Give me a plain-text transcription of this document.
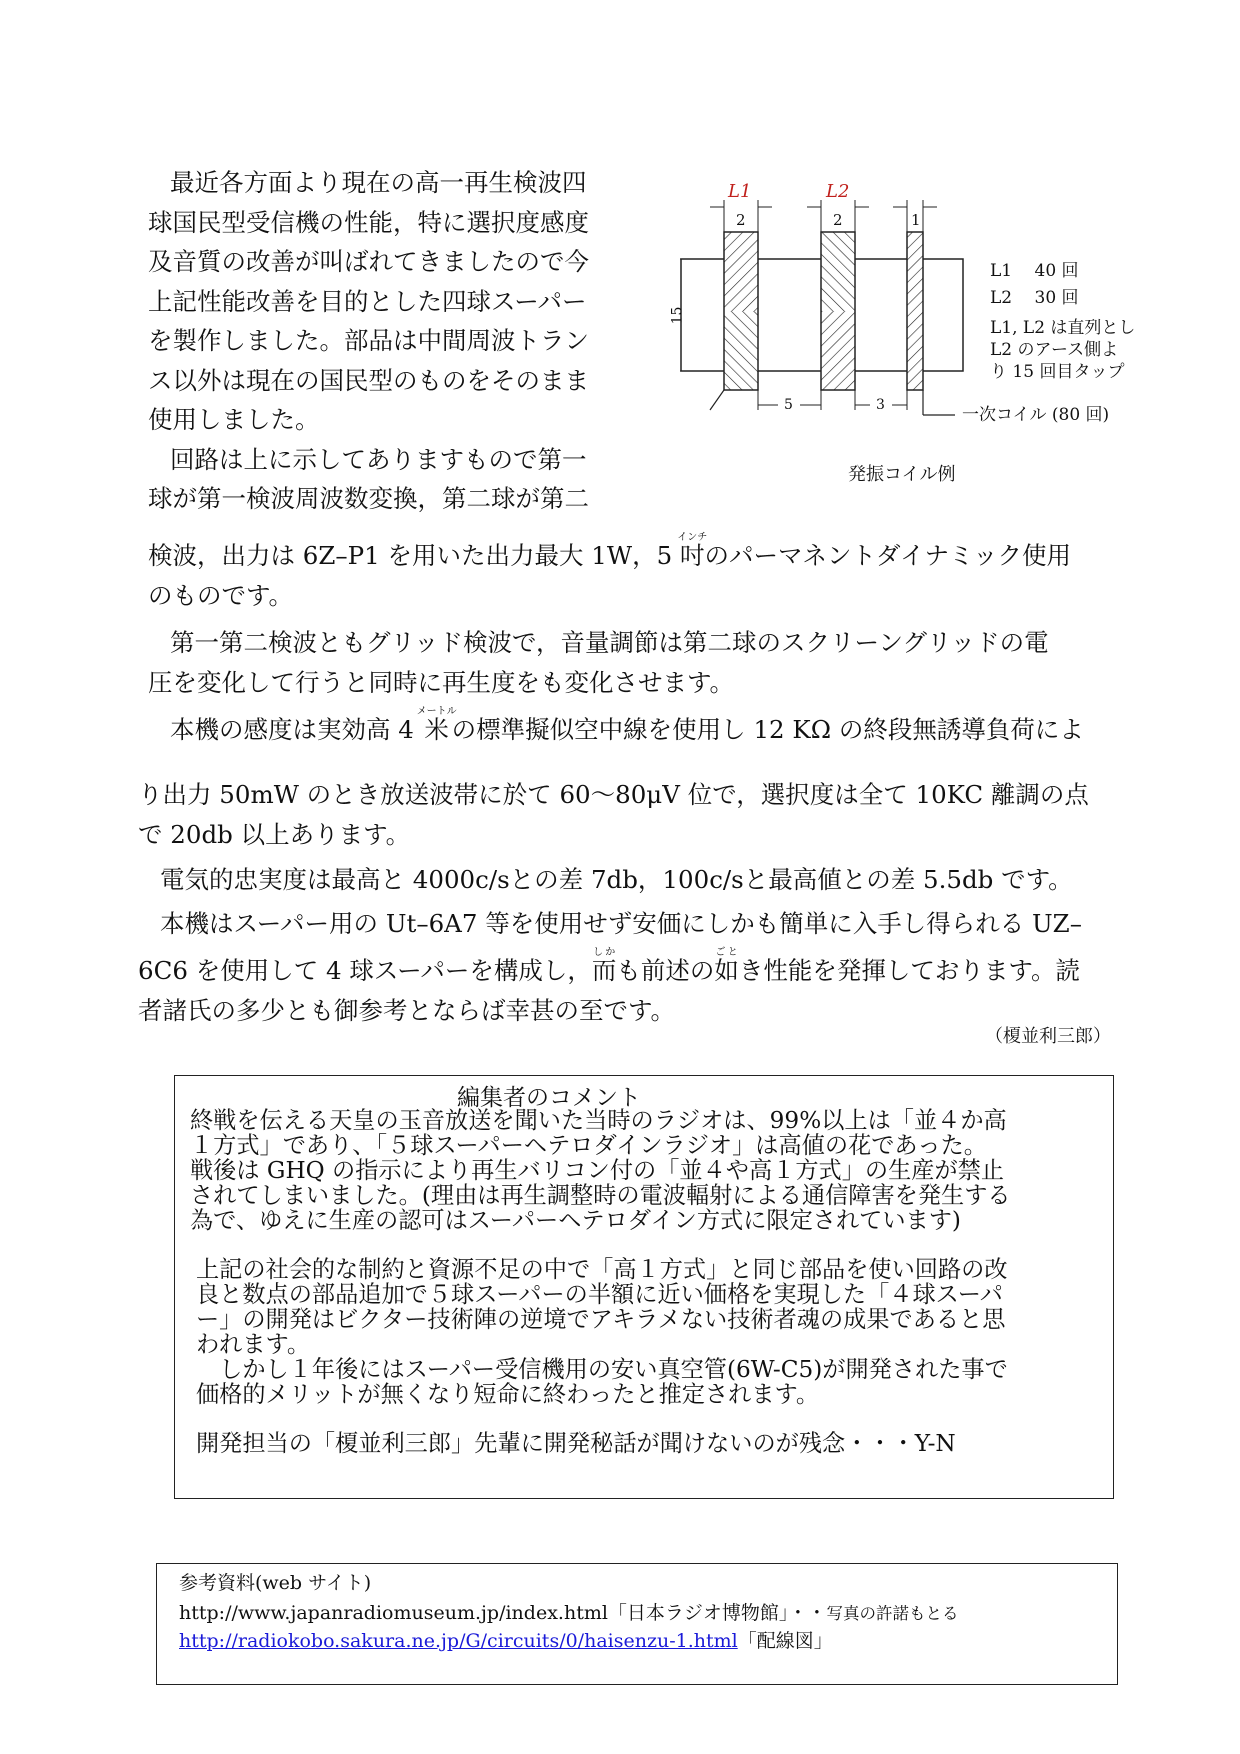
最近各方面より現在の高一再生検波四
球国民型受信機の性能，特に選択度感度
及音質の改善が叫ばれてきましたので今
上記性能改善を目的とした四球スーパー
を製作しました。部品は中間周波トラン
ス以外は現在の国民型のものをそのまま
使用しました。
回路は上に示してありますもので第一
球が第一検波周波数変換，第二球が第二
検波，出力は 6Z–P1 を用いた出力最大 1W，5 吋インチのパーマネントダイナミック使用
のものです。
第一第二検波ともグリッド検波で，音量調節は第二球のスクリーングリッドの電
圧を変化して行うと同時に再生度をも変化させます。
本機の感度は実効高 4 米メートルの標準擬似空中線を使用し 12 KΩ の終段無誘導負荷によ
り出力 50mW のとき放送波帯に於て 60〜80μV 位で，選択度は全て 10KC 離調の点
で 20db 以上あります。
電気的忠実度は最高と 4000c/sとの差 7db，100c/sと最高値との差 5.5db です。
本機はスーパー用の Ut–6A7 等を使用せず安価にしかも簡単に入手し得られる UZ–
6C6 を使用して 4 球スーパーを構成し，而しかも前述の如ごとき性能を発揮しております。読
者諸氏の多少とも御参考とならば幸甚の至です。
（榎並利三郎）
L1	L2
2	2	1
15
5	3
L1　 40 回
L2　 30 回
L1, L2 は直列とし
L2 のアース側よ
り 15 回目タップ
一次コイル (80 回)
発振コイル例
編集者のコメント
終戦を伝える天皇の玉音放送を聞いた当時のラジオは、99%以上は「並４か高
１方式」であり、「５球スーパーヘテロダインラジオ」は高値の花であった。
戦後は GHQ の指示により再生バリコン付の「並４や高１方式」の生産が禁止
されてしまいました。(理由は再生調整時の電波輻射による通信障害を発生する
為で、ゆえに生産の認可はスーパーヘテロダイン方式に限定されています)
上記の社会的な制約と資源不足の中で「高１方式」と同じ部品を使い回路の改
良と数点の部品追加で５球スーパーの半額に近い価格を実現した「４球スーパ
ー」の開発はビクター技術陣の逆境でアキラメない技術者魂の成果であると思
われます。
　しかし１年後にはスーパー受信機用の安い真空管(6W-C5)が開発された事で
価格的メリットが無くなり短命に終わったと推定されます。
開発担当の「榎並利三郎」先輩に開発秘話が聞けないのが残念・・・Y-N
参考資料(web サイト)
http://www.japanradiomuseum.jp/index.html「日本ラジオ博物館」・・写真の許諾もとる
http://radiokobo.sakura.ne.jp/G/circuits/0/haisenzu-1.html「配線図」
